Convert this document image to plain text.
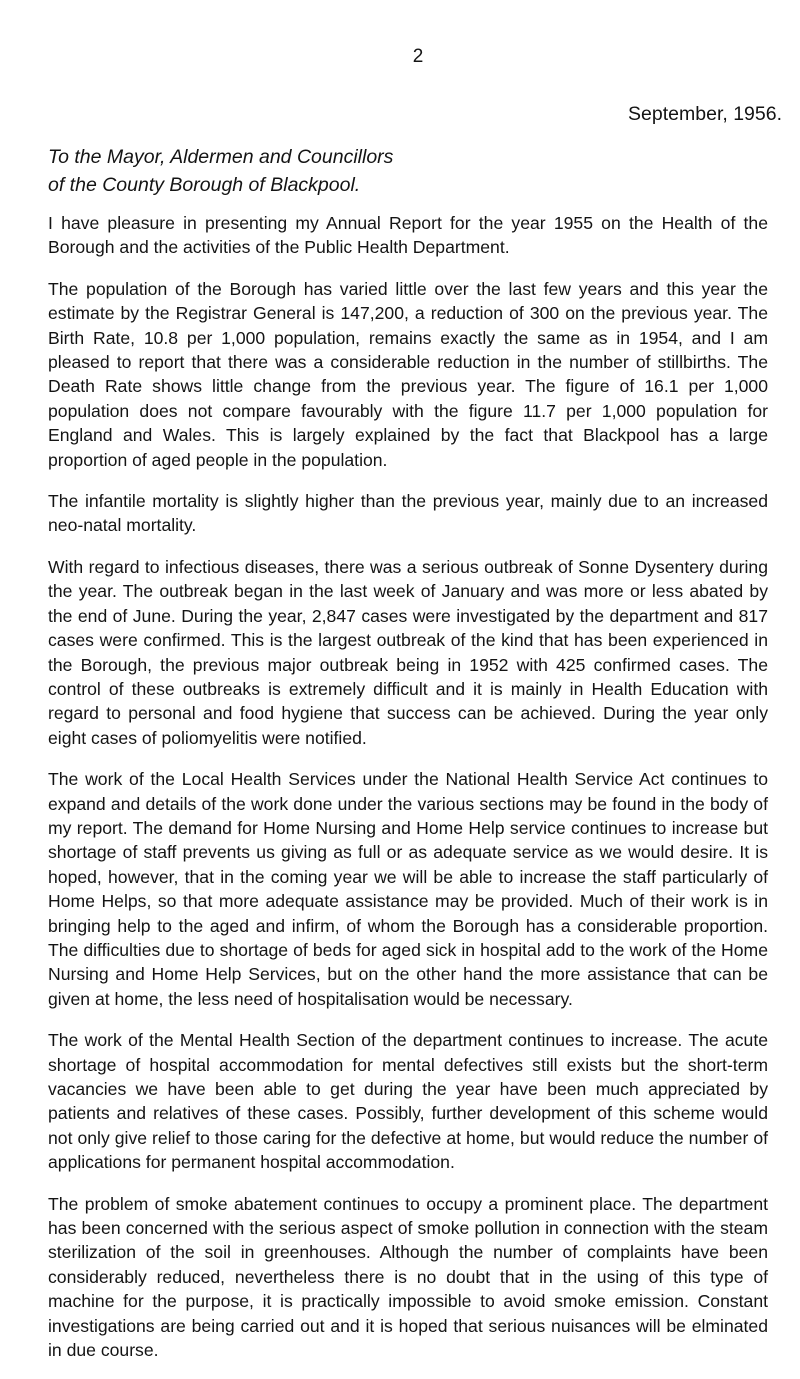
2
September, 1956.
To the Mayor, Aldermen and Councillors
of the County Borough of Blackpool.

I have pleasure in presenting my Annual Report for the year 1955 on the Health of the Borough and the activities of the Public Health Department.

The population of the Borough has varied little over the last few years and this year the estimate by the Registrar General is 147,200, a reduction of 300 on the previous year. The Birth Rate, 10.8 per 1,000 population, remains exactly the same as in 1954, and I am pleased to report that there was a considerable reduction in the number of stillbirths. The Death Rate shows little change from the previous year. The figure of 16.1 per 1,000 population does not compare favourably with the figure 11.7 per 1,000 population for England and Wales. This is largely explained by the fact that Blackpool has a large proportion of aged people in the population.

The infantile mortality is slightly higher than the previous year, mainly due to an increased neo-natal mortality.

With regard to infectious diseases, there was a serious outbreak of Sonne Dysentery during the year. The outbreak began in the last week of January and was more or less abated by the end of June. During the year, 2,847 cases were investigated by the department and 817 cases were confirmed. This is the largest outbreak of the kind that has been experienced in the Borough, the previous major outbreak being in 1952 with 425 confirmed cases. The control of these outbreaks is extremely difficult and it is mainly in Health Education with regard to personal and food hygiene that success can be achieved. During the year only eight cases of poliomyelitis were notified.

The work of the Local Health Services under the National Health Service Act continues to expand and details of the work done under the various sections may be found in the body of my report. The demand for Home Nursing and Home Help service continues to increase but shortage of staff prevents us giving as full or as adequate service as we would desire. It is hoped, however, that in the coming year we will be able to increase the staff particularly of Home Helps, so that more adequate assistance may be provided. Much of their work is in bringing help to the aged and infirm, of whom the Borough has a considerable proportion. The difficulties due to shortage of beds for aged sick in hospital add to the work of the Home Nursing and Home Help Services, but on the other hand the more assistance that can be given at home, the less need of hospitalisation would be necessary.

The work of the Mental Health Section of the department continues to increase. The acute shortage of hospital accommodation for mental defectives still exists but the short-term vacancies we have been able to get during the year have been much appreciated by patients and relatives of these cases. Possibly, further development of this scheme would not only give relief to those caring for the defective at home, but would reduce the number of applications for permanent hospital accommodation.

The problem of smoke abatement continues to occupy a prominent place. The department has been concerned with the serious aspect of smoke pollution in connection with the steam sterilization of the soil in greenhouses. Although the number of complaints have been considerably reduced, nevertheless there is no doubt that in the using of this type of machine for the purpose, it is practically impossible to avoid smoke emission. Constant investigations are being carried out and it is hoped that serious nuisances will be elminated in due course.
